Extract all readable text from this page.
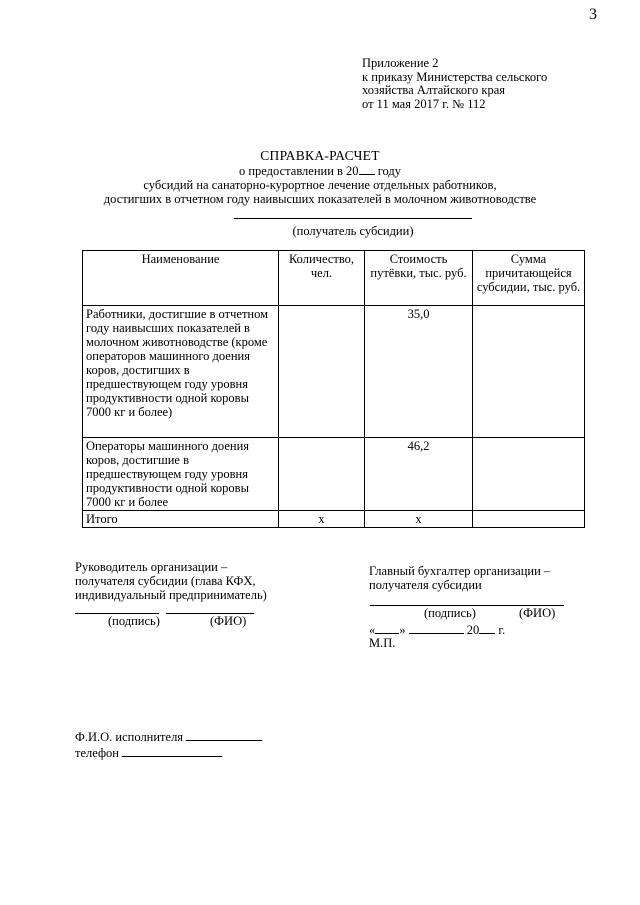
3
Приложение 2
к приказу Министерства сельского
хозяйства Алтайского края
от 11 мая 2017 г. № 112
СПРАВКА-РАСЧЕТ
о предоставлении в 20 году
субсидий на санаторно-курортное лечение отдельных работников,
достигших в отчетном году наивысших показателей в молочном животноводстве
(получатель субсидии)
Наименование	Количество, чел.	Стоимость путёвки, тыс. руб.	Сумма причитающейся субсидии, тыс. руб.
Работники, достигшие в отчетном году наивысших показателей в молочном животноводстве (кроме операторов машинного доения коров, достигших в предшествующем году уровня продуктивности одной коровы 7000 кг и более)		35,0	
Операторы машинного доения коров, достигшие в предшествующем году уровня продуктивности одной коровы 7000 кг и более		46,2	
Итого	х	х	
Руководитель организации –
получателя субсидии (глава КФХ,
индивидуальный предприниматель)
(подпись)	(ФИО)
Главный бухгалтер организации –
получателя субсидии
(подпись)	(ФИО)
« »	20 г.
М.П.
Ф.И.О. исполнителя
телефон
